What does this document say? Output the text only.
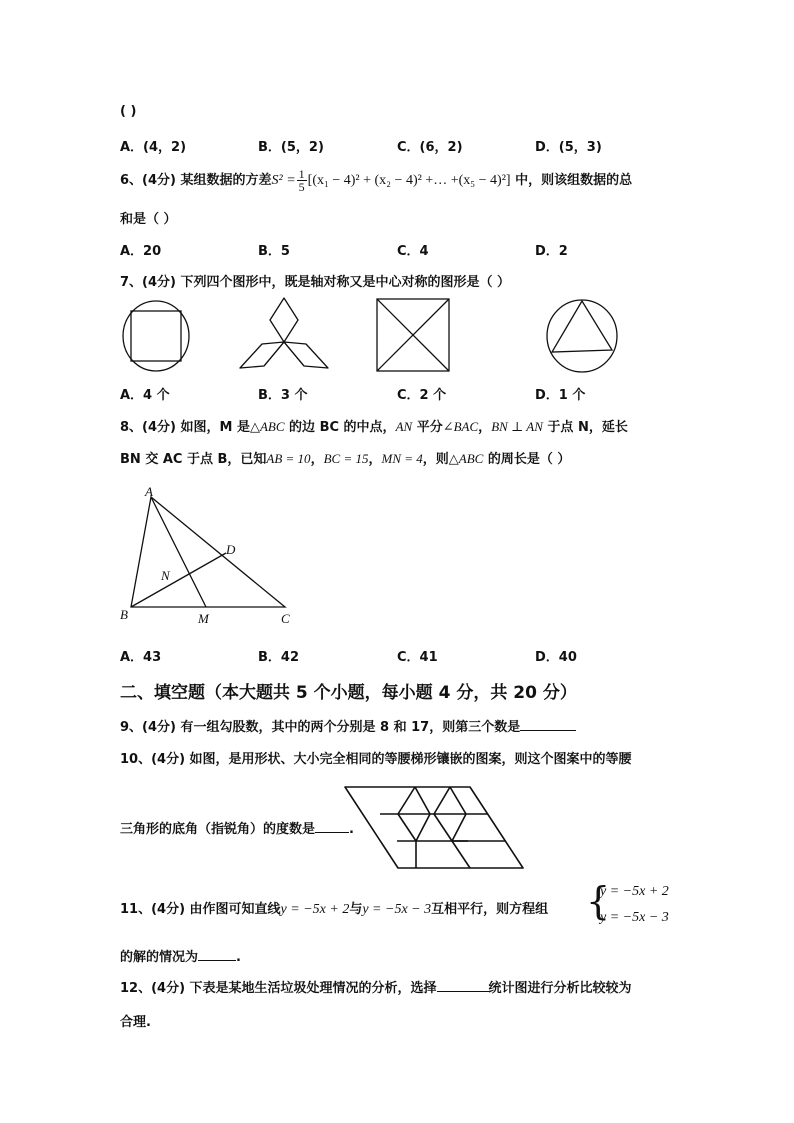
( )
A．(4，2)	B．(5，2)	C．(6，2)	D．(5，3)
6、(4分) 某组数据的方差$S^2 = \frac{1}{5} [(x_1 - 4)^2 + (x_2 - 4)^2$ +… +(x₅ − 4)²] 中，则该组数据的总
和是（ ）
A．20	B．5	C．4	D．2
7、(4分) 下列四个图形中，既是轴对称又是中心对称的图形是（ ）
A．4 个	B．3 个	C．2 个	D．1 个
8、(4分) 如图，M 是△ABC 的边 BC 的中点，AN 平分∠BAC，BN ⊥ AN 于点 N，延长
BN 交 AC 于点 B，已知AB = 10，BC = 15，MN = 4，则△ABC 的周长是（ ）
A
D
N
B	M	C
A．43	B．42	C．41	D．40
二、填空题（本大题共 5 个小题，每小题 4 分，共 20 分）
9、(4分) 有一组勾股数，其中的两个分别是 8 和 17，则第三个数是
10、(4分) 如图，是用形状、大小完全相同的等腰梯形镶嵌的图案，则这个图案中的等腰
三角形的底角（指锐角）的度数是	.
11、(4分) 由作图可知直线y = −5x + 2与y = −5x − 3互相平行，则方程组 {
y = −5x + 2
y = −5x − 3
的解的情况为	.
12、(4分) 下表是某地生活垃圾处理情况的分析，选择	统计图进行分析比较较为
合理.
